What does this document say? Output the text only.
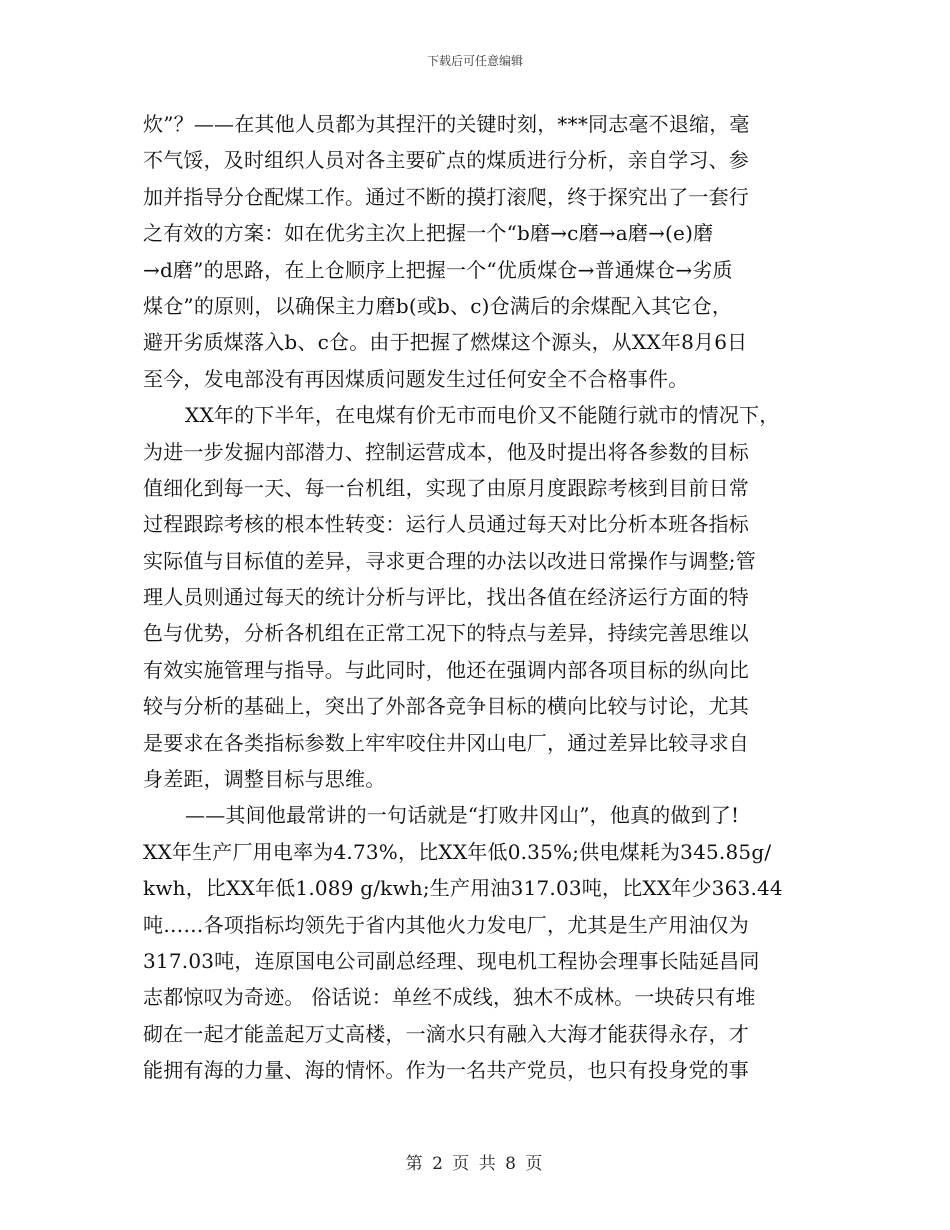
下载后可任意编辑
炊”？——在其他人员都为其捏汗的关键时刻，***同志毫不退缩，毫
不气馁，及时组织人员对各主要矿点的煤质进行分析，亲自学习、参
加并指导分仓配煤工作。通过不断的摸打滚爬，终于探究出了一套行
之有效的方案：如在优劣主次上把握一个“b磨→c磨→a磨→(e)磨
→d磨”的思路，在上仓顺序上把握一个“优质煤仓→普通煤仓→劣质
煤仓”的原则，以确保主力磨b(或b、c)仓满后的余煤配入其它仓，
避开劣质煤落入b、c仓。由于把握了燃煤这个源头，从XX年8月6日
至今，发电部没有再因煤质问题发生过任何安全不合格事件。
XX年的下半年，在电煤有价无市而电价又不能随行就市的情况下，
为进一步发掘内部潜力、控制运营成本，他及时提出将各参数的目标
值细化到每一天、每一台机组，实现了由原月度跟踪考核到目前日常
过程跟踪考核的根本性转变：运行人员通过每天对比分析本班各指标
实际值与目标值的差异，寻求更合理的办法以改进日常操作与调整;管
理人员则通过每天的统计分析与评比，找出各值在经济运行方面的特
色与优势，分析各机组在正常工况下的特点与差异，持续完善思维以
有效实施管理与指导。与此同时，他还在强调内部各项目标的纵向比
较与分析的基础上，突出了外部各竞争目标的横向比较与讨论，尤其
是要求在各类指标参数上牢牢咬住井冈山电厂，通过差异比较寻求自
身差距，调整目标与思维。
——其间他最常讲的一句话就是“打败井冈山”，他真的做到了!
XX年生产厂用电率为4.73%，比XX年低0.35%;供电煤耗为345.85g/
kwh，比XX年低1.089 g/kwh;生产用油317.03吨，比XX年少363.44
吨……各项指标均领先于省内其他火力发电厂，尤其是生产用油仅为
317.03吨，连原国电公司副总经理、现电机工程协会理事长陆延昌同
志都惊叹为奇迹。 俗话说：单丝不成线，独木不成林。一块砖只有堆
砌在一起才能盖起万丈高楼，一滴水只有融入大海才能获得永存，才
能拥有海的力量、海的情怀。作为一名共产党员，也只有投身党的事
第 2 页 共 8 页
